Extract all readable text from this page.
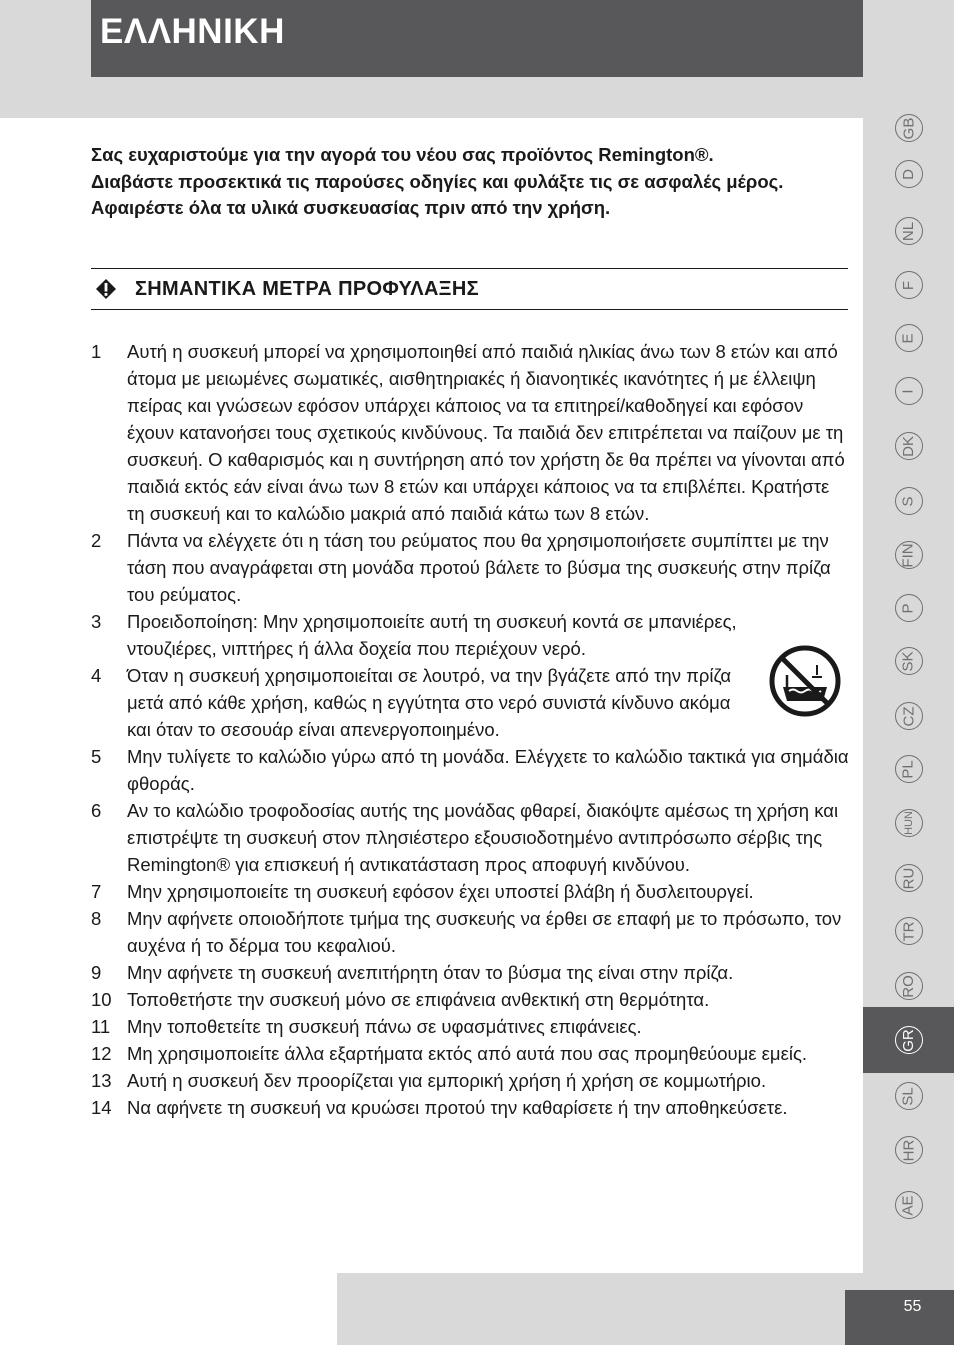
ΕΛΛΗΝΙΚΗ

Σας ευχαριστούμε για την αγορά του νέου σας προϊόντος Remington®.

Διαβάστε προσεκτικά τις παρούσες οδηγίες και φυλάξτε τις σε ασφαλές μέρος.

Αφαιρέστε όλα τα υλικά συσκευασίας πριν από την χρήση.

ΣΗΜΑΝΤΙΚΑ ΜΕΤΡΑ ΠΡΟΦΥΛΑΞΗΣ
1 Αυτή η συσκευή μπορεί να χρησιμοποιηθεί από παιδιά ηλικίας άνω των 8 ετών και από άτομα με μειωμένες σωματικές, αισθητηριακές ή διανοητικές ικανότητες ή με έλλειψη πείρας και γνώσεων εφόσον υπάρχει κάποιος να τα επιτηρεί/καθοδηγεί και εφόσον έχουν κατανοήσει τους σχετικούς κινδύνους. Τα παιδιά δεν επιτρέπεται να παίζουν με τη συσκευή. Ο καθαρισμός και η συντήρηση από τον χρήστη δε θα πρέπει να γίνονται από παιδιά εκτός εάν είναι άνω των 8 ετών και υπάρχει κάποιος να τα επιβλέπει. Κρατήστε τη συσκευή και το καλώδιο μακριά από παιδιά κάτω των 8 ετών.
2 Πάντα να ελέγχετε ότι η τάση του ρεύματος που θα χρησιμοποιήσετε συμπίπτει με την τάση που αναγράφεται στη μονάδα προτού βάλετε το βύσμα της συσκευής στην πρίζα του ρεύματος.
3 Προειδοποίηση: Μην χρησιμοποιείτε αυτή τη συσκευή κοντά σε μπανιέρες, ντουζιέρες, νιπτήρες ή άλλα δοχεία που περιέχουν νερό.
4 Όταν η συσκευή χρησιμοποιείται σε λουτρό, να την βγάζετε από την πρίζα μετά από κάθε χρήση, καθώς η εγγύτητα στο νερό συνιστά κίνδυνο ακόμα και όταν το σεσουάρ είναι απενεργοποιημένο.
5 Μην τυλίγετε το καλώδιο γύρω από τη μονάδα. Ελέγχετε το καλώδιο τακτικά για σημάδια φθοράς.
6 Αν το καλώδιο τροφοδοσίας αυτής της μονάδας φθαρεί, διακόψτε αμέσως τη χρήση και επιστρέψτε τη συσκευή στον πλησιέστερο εξουσιοδοτημένο αντιπρόσωπο σέρβις της Remington® για επισκευή ή αντικατάσταση προς αποφυγή κινδύνου.
7 Μην χρησιμοποιείτε τη συσκευή εφόσον έχει υποστεί βλάβη ή δυσλειτουργεί.
8 Μην αφήνετε οποιοδήποτε τμήμα της συσκευής να έρθει σε επαφή με το πρόσωπο, τον αυχένα ή το δέρμα του κεφαλιού.
9 Μην αφήνετε τη συσκευή ανεπιτήρητη όταν το βύσμα της είναι στην πρίζα.
10 Τοποθετήστε την συσκευή μόνο σε επιφάνεια ανθεκτική στη θερμότητα.
11 Μην τοποθετείτε τη συσκευή πάνω σε υφασμάτινες επιφάνειες.
12 Μη χρησιμοποιείτε άλλα εξαρτήματα εκτός από αυτά που σας προμηθεύουμε εμείς.
13 Αυτή η συσκευή δεν προορίζεται για εμπορική χρήση ή χρήση σε κομμωτήριο.
14 Να αφήνετε τη συσκευή να κρυώσει προτού την καθαρίσετε ή την αποθηκεύσετε.
GB
D
NL
F
E
I
DK
S
FIN
P
SK
CZ
PL
HUN
RU
TR
RO
GR
SL
HR
AE
55
